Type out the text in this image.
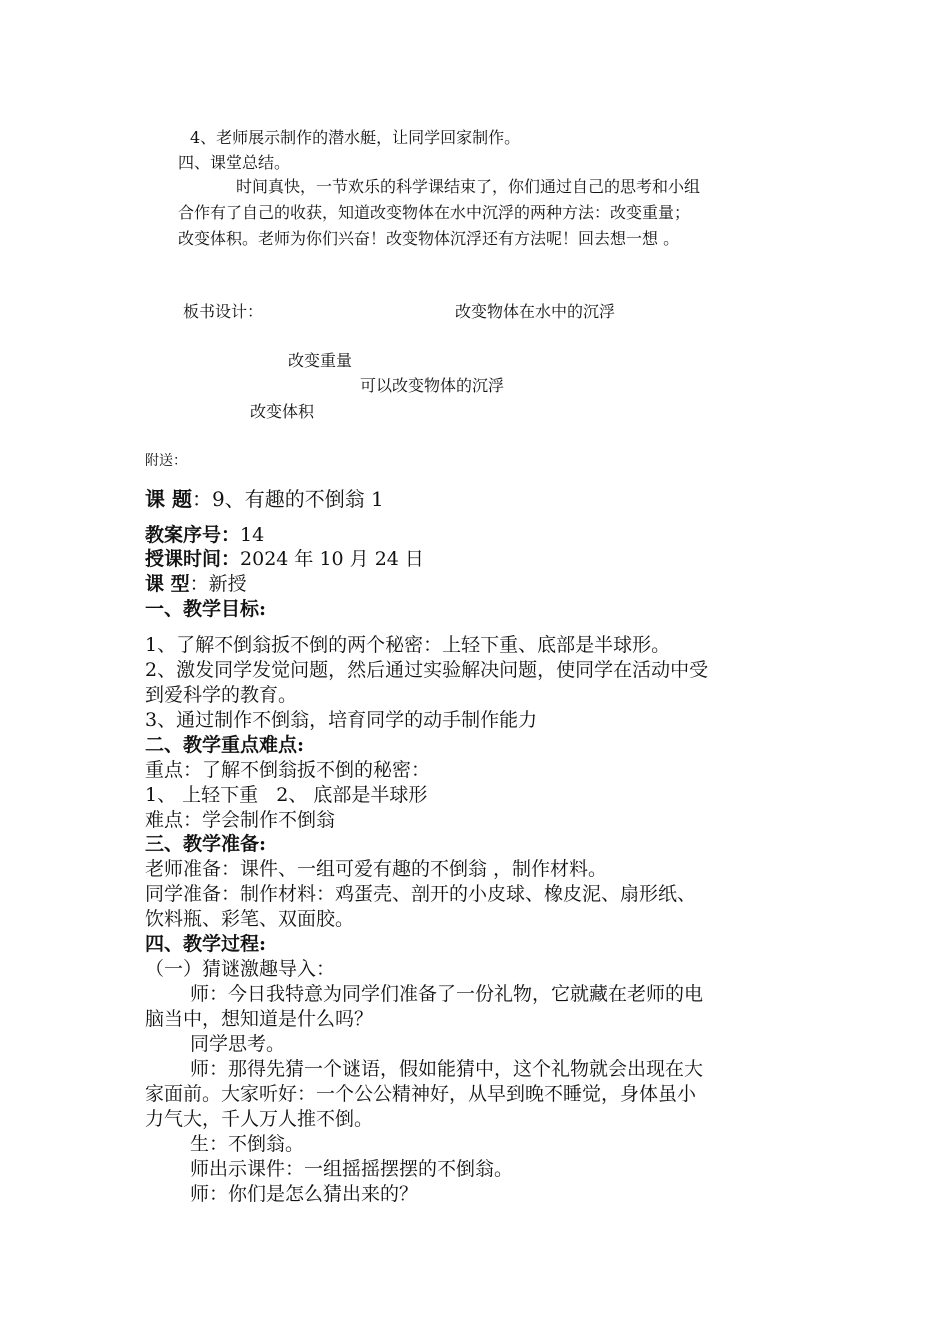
4、老师展示制作的潜水艇，让同学回家制作。
四、课堂总结。
时间真快，一节欢乐的科学课结束了，你们通过自己的思考和小组
合作有了自己的收获，知道改变物体在水中沉浮的两种方法：改变重量；
改变体积。老师为你们兴奋！改变物体沉浮还有方法呢！回去想一想 。
板书设计：	改变物体在水中的沉浮
改变重量
可以改变物体的沉浮
改变体积
附送：
课 题：9、有趣的不倒翁 1
教案序号：14
授课时间：2024 年 10 月 24 日
课 型：新授
一、教学目标:
1、了解不倒翁扳不倒的两个秘密：上轻下重、底部是半球形。
2、激发同学发觉问题，然后通过实验解决问题，使同学在活动中受
到爱科学的教育。
3、通过制作不倒翁，培育同学的动手制作能力
二、教学重点难点:
重点：了解不倒翁扳不倒的秘密：
1、 上轻下重   2、 底部是半球形
难点：学会制作不倒翁
三、教学准备:
老师准备：课件、一组可爱有趣的不倒翁 ，制作材料。
同学准备：制作材料：鸡蛋壳、剖开的小皮球、橡皮泥、扇形纸、
饮料瓶、彩笔、双面胶。
四、教学过程:
（一）猜谜激趣导入：
师：今日我特意为同学们准备了一份礼物，它就藏在老师的电
脑当中，想知道是什么吗？
同学思考。
师：那得先猜一个谜语，假如能猜中，这个礼物就会出现在大
家面前。大家听好：一个公公精神好，从早到晚不睡觉，身体虽小
力气大，千人万人推不倒。
生：不倒翁。
师出示课件：一组摇摇摆摆的不倒翁。
师：你们是怎么猜出来的？
